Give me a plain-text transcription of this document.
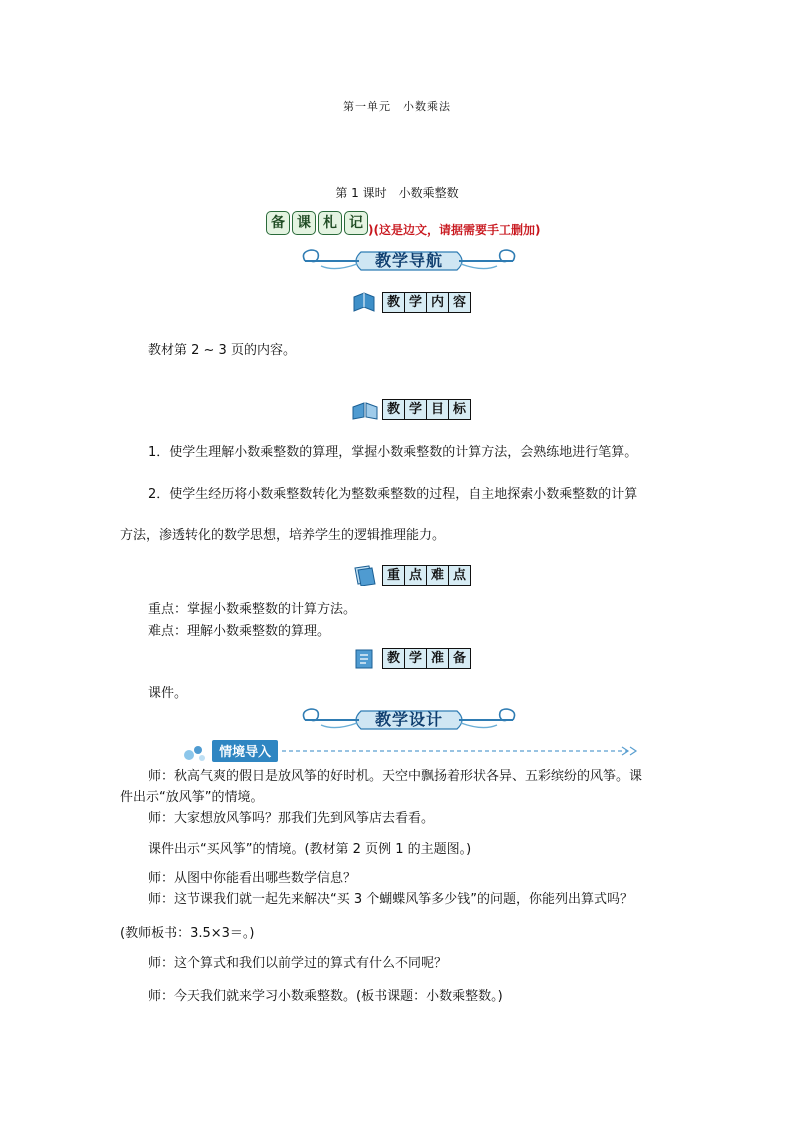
第一单元　小数乘法
第 1 课时　小数乘整数
备 课 札 记 )(这是边文，请据需要手工删加)
教学导航
教 学 内 容
教材第 2 ~ 3 页的内容。
教 学 目 标
1．使学生理解小数乘整数的算理，掌握小数乘整数的计算方法，会熟练地进行笔算。
2．使学生经历将小数乘整数转化为整数乘整数的过程，自主地探索小数乘整数的计算
方法，渗透转化的数学思想，培养学生的逻辑推理能力。
重 点 难 点
重点：掌握小数乘整数的计算方法。
难点：理解小数乘整数的算理。
教 学 准 备
课件。
教学设计
情境导入
师：秋高气爽的假日是放风筝的好时机。天空中飘扬着形状各异、五彩缤纷的风筝。课
件出示“放风筝”的情境。
师：大家想放风筝吗？那我们先到风筝店去看看。
课件出示“买风筝”的情境。(教材第 2 页例 1 的主题图。)
师：从图中你能看出哪些数学信息？
师：这节课我们就一起先来解决“买 3 个蝴蝶风筝多少钱”的问题，你能列出算式吗？
(教师板书：3.5×3＝。)
师：这个算式和我们以前学过的算式有什么不同呢？
师：今天我们就来学习小数乘整数。(板书课题：小数乘整数。)
